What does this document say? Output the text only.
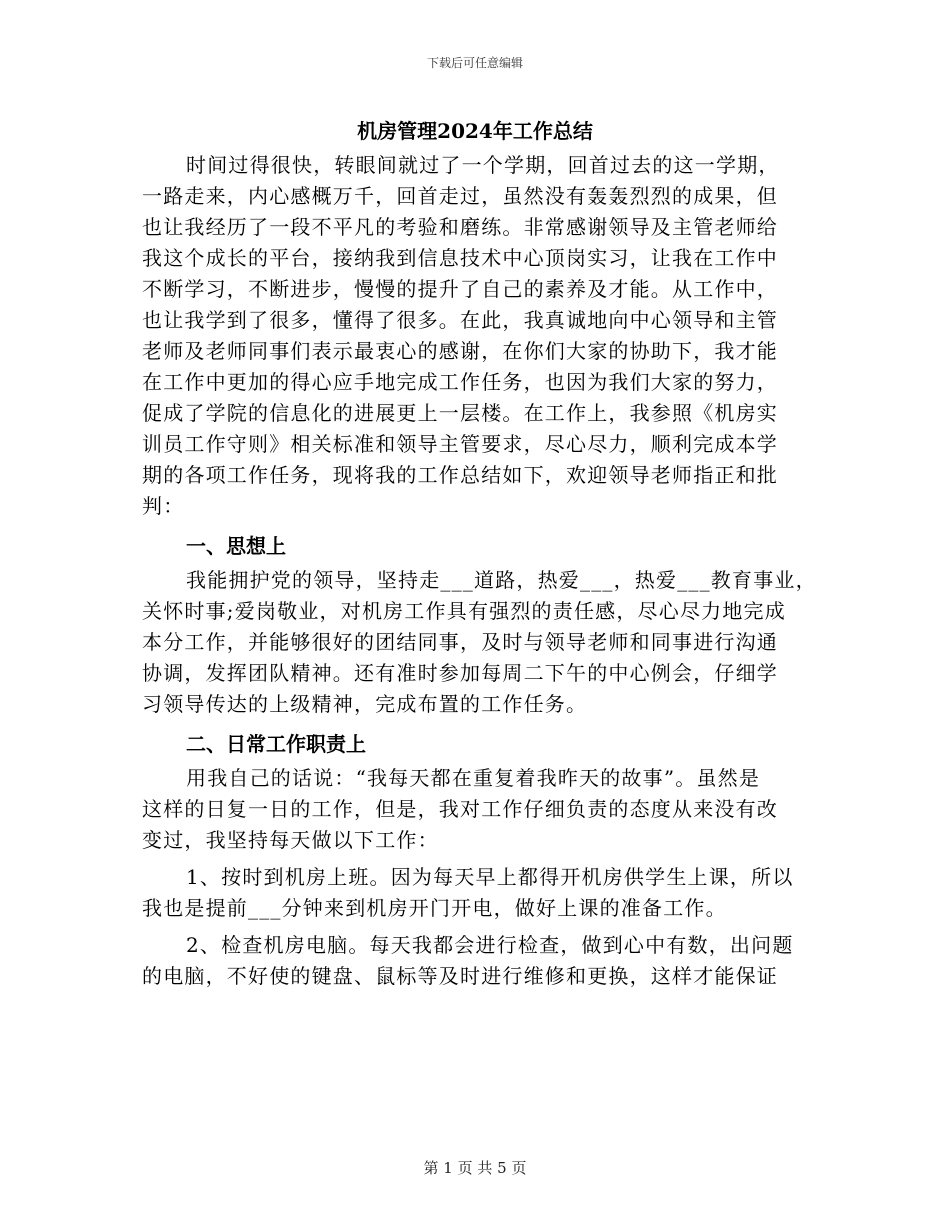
下载后可任意编辑
机房管理2024年工作总结
时间过得很快，转眼间就过了一个学期，回首过去的这一学期，
一路走来，内心感概万千，回首走过，虽然没有轰轰烈烈的成果，但
也让我经历了一段不平凡的考验和磨练。非常感谢领导及主管老师给
我这个成长的平台，接纳我到信息技术中心顶岗实习，让我在工作中
不断学习，不断进步，慢慢的提升了自己的素养及才能。从工作中，
也让我学到了很多，懂得了很多。在此，我真诚地向中心领导和主管
老师及老师同事们表示最衷心的感谢，在你们大家的协助下，我才能
在工作中更加的得心应手地完成工作任务，也因为我们大家的努力，
促成了学院的信息化的进展更上一层楼。在工作上，我参照《机房实
训员工作守则》相关标准和领导主管要求，尽心尽力，顺利完成本学
期的各项工作任务，现将我的工作总结如下，欢迎领导老师指正和批
判：
一、思想上
我能拥护党的领导，坚持走___道路，热爱___，热爱___教育事业，
关怀时事;爱岗敬业，对机房工作具有强烈的责任感，尽心尽力地完成
本分工作，并能够很好的团结同事，及时与领导老师和同事进行沟通
协调，发挥团队精神。还有准时参加每周二下午的中心例会，仔细学
习领导传达的上级精神，完成布置的工作任务。
二、日常工作职责上
用我自己的话说：“我每天都在重复着我昨天的故事”。虽然是
这样的日复一日的工作，但是，我对工作仔细负责的态度从来没有改
变过，我坚持每天做以下工作：
1、按时到机房上班。因为每天早上都得开机房供学生上课，所以
我也是提前___分钟来到机房开门开电，做好上课的准备工作。
2、检查机房电脑。每天我都会进行检查，做到心中有数，出问题
的电脑，不好使的键盘、鼠标等及时进行维修和更换，这样才能保证
第 1 页 共 5 页
